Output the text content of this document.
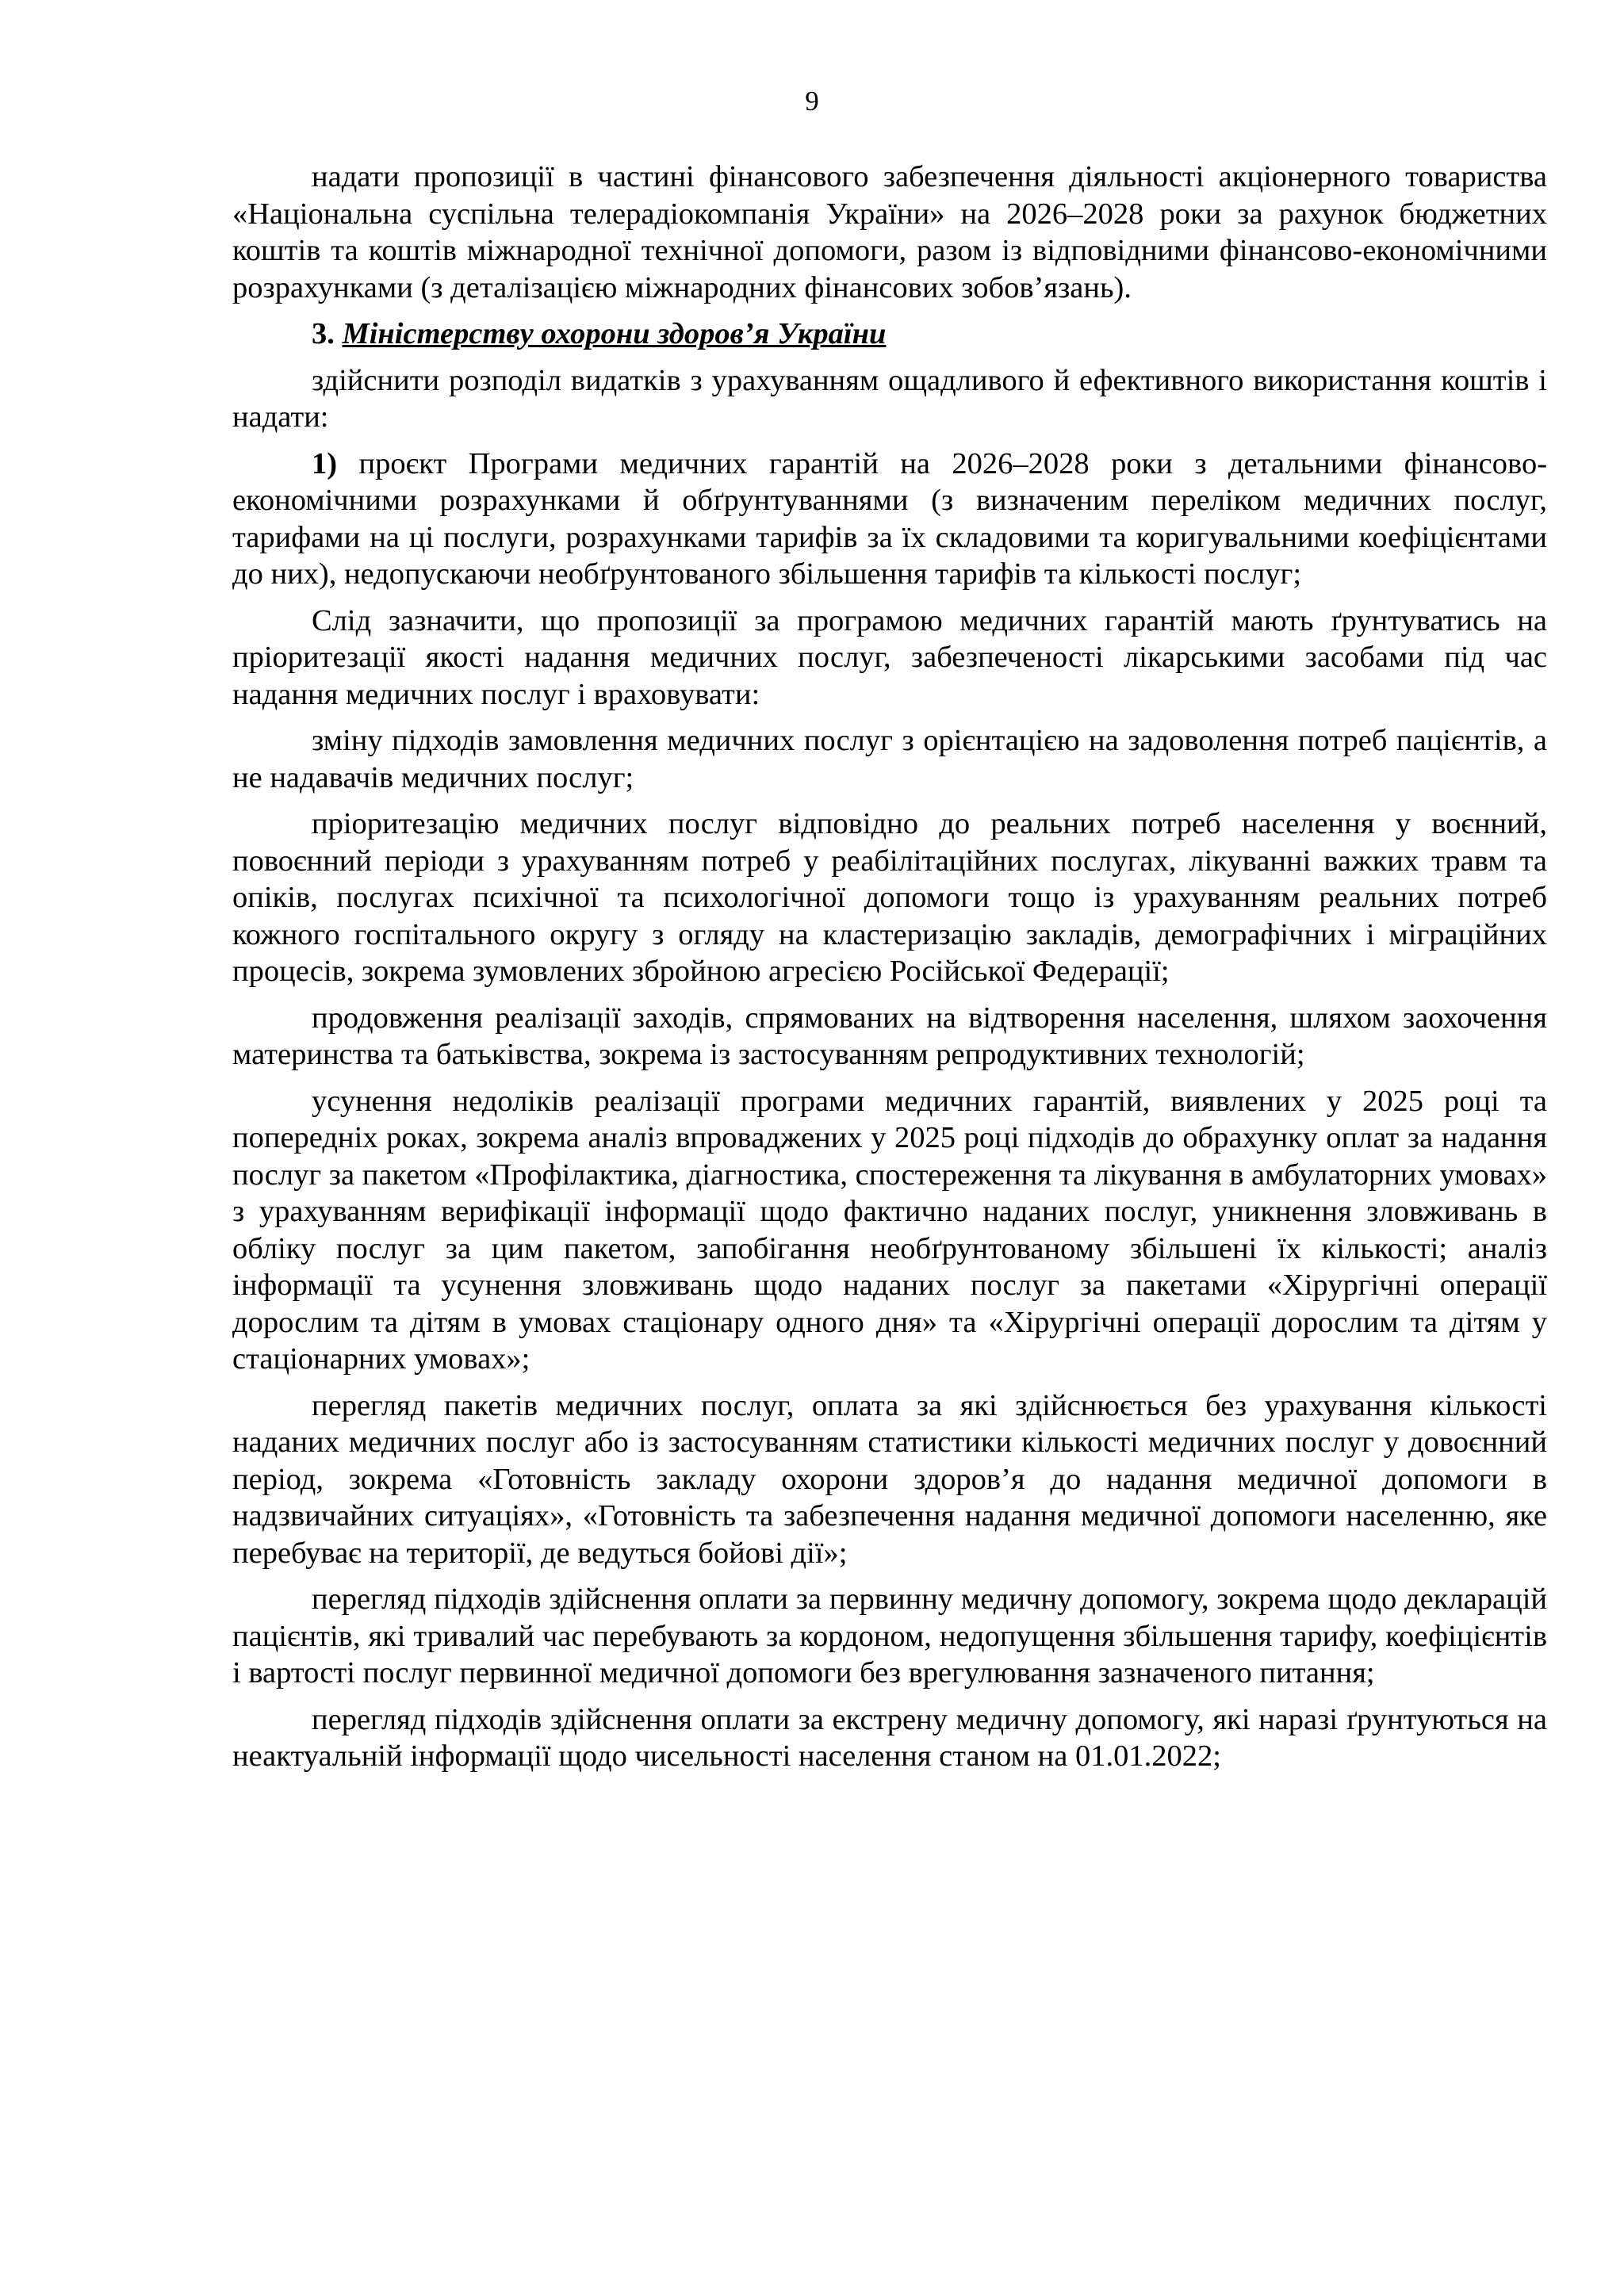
9

надати пропозиції в частині фінансового забезпечення діяльності акціонерного товариства «Національна суспільна телерадіокомпанія України» на 2026–2028 роки за рахунок бюджетних коштів та коштів міжнародної технічної допомоги, разом із відповідними фінансово-економічними розрахунками (з деталізацією міжнародних фінансових зобов’язань).

3. Міністерству охорони здоров’я України

здійснити розподіл видатків з урахуванням ощадливого й ефективного використання коштів і надати:

1) проєкт Програми медичних гарантій на 2026–2028 роки з детальними фінансово-економічними розрахунками й обґрунтуваннями (з визначеним переліком медичних послуг, тарифами на ці послуги, розрахунками тарифів за їх складовими та коригувальними коефіцієнтами до них), недопускаючи необґрунтованого збільшення тарифів та кількості послуг;

Слід зазначити, що пропозиції за програмою медичних гарантій мають ґрунтуватись на пріоритезації якості надання медичних послуг, забезпеченості лікарськими засобами під час надання медичних послуг і враховувати:

зміну підходів замовлення медичних послуг з орієнтацією на задоволення потреб пацієнтів, а не надавачів медичних послуг;

пріоритезацію медичних послуг відповідно до реальних потреб населення у воєнний, повоєнний періоди з урахуванням потреб у реабілітаційних послугах, лікуванні важких травм та опіків, послугах психічної та психологічної допомоги тощо із урахуванням реальних потреб кожного госпітального округу з огляду на кластеризацію закладів, демографічних і міграційних процесів, зокрема зумовлених збройною агресією Російської Федерації;

продовження реалізації заходів, спрямованих на відтворення населення, шляхом заохочення материнства та батьківства, зокрема із застосуванням репродуктивних технологій;

усунення недоліків реалізації програми медичних гарантій, виявлених у 2025 році та попередніх роках, зокрема аналіз впроваджених у 2025 році підходів до обрахунку оплат за надання послуг за пакетом «Профілактика, діагностика, спостереження та лікування в амбулаторних умовах» з урахуванням верифікації інформації щодо фактично наданих послуг, уникнення зловживань в обліку послуг за цим пакетом, запобігання необґрунтованому збільшені їх кількості; аналіз інформації та усунення зловживань щодо наданих послуг за пакетами «Хірургічні операції дорослим та дітям в умовах стаціонару одного дня» та «Хірургічні операції дорослим та дітям у стаціонарних умовах»;

перегляд пакетів медичних послуг, оплата за які здійснюється без урахування кількості наданих медичних послуг або із застосуванням статистики кількості медичних послуг у довоєнний період, зокрема «Готовність закладу охорони здоров’я до надання медичної допомоги в надзвичайних ситуаціях», «Готовність та забезпечення надання медичної допомоги населенню, яке перебуває на території, де ведуться бойові дії»;

перегляд підходів здійснення оплати за первинну медичну допомогу, зокрема щодо декларацій пацієнтів, які тривалий час перебувають за кордоном, недопущення збільшення тарифу, коефіцієнтів і вартості послуг первинної медичної допомоги без врегулювання зазначеного питання;

перегляд підходів здійснення оплати за екстрену медичну допомогу, які наразі ґрунтуються на неактуальній інформації щодо чисельності населення станом на 01.01.2022;
